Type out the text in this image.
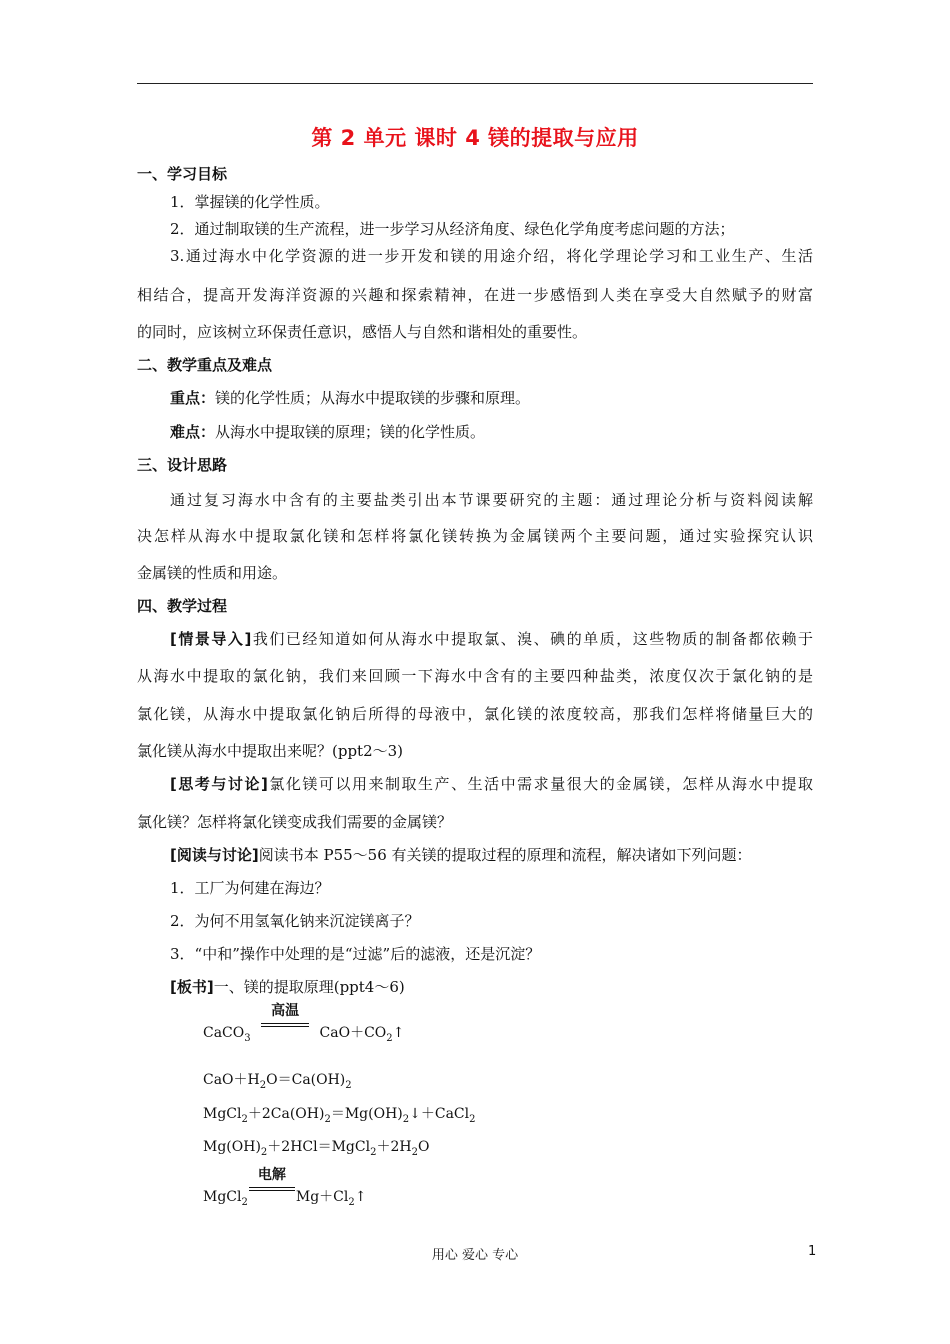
第 2 单元 课时 4 镁的提取与应用
一、学习目标
1．掌握镁的化学性质。
2．通过制取镁的生产流程，进一步学习从经济角度、绿色化学角度考虑问题的方法；
3.通过海水中化学资源的进一步开发和镁的用途介绍，将化学理论学习和工业生产、生活
相结合，提高开发海洋资源的兴趣和探索精神，在进一步感悟到人类在享受大自然赋予的财富
的同时，应该树立环保责任意识，感悟人与自然和谐相处的重要性。
二、教学重点及难点
重点：镁的化学性质；从海水中提取镁的步骤和原理。
难点：从海水中提取镁的原理；镁的化学性质。
三、设计思路
通过复习海水中含有的主要盐类引出本节课要研究的主题：通过理论分析与资料阅读解
决怎样从海水中提取氯化镁和怎样将氯化镁转换为金属镁两个主要问题，通过实验探究认识
金属镁的性质和用途。
四、教学过程
[情景导入]我们已经知道如何从海水中提取氯、溴、碘的单质，这些物质的制备都依赖于
从海水中提取的氯化钠，我们来回顾一下海水中含有的主要四种盐类，浓度仅次于氯化钠的是
氯化镁，从海水中提取氯化钠后所得的母液中，氯化镁的浓度较高，那我们怎样将储量巨大的
氯化镁从海水中提取出来呢？(ppt2～3)
[思考与讨论]氯化镁可以用来制取生产、生活中需求量很大的金属镁，怎样从海水中提取
氯化镁？怎样将氯化镁变成我们需要的金属镁？
[阅读与讨论]阅读书本 P55～56 有关镁的提取过程的原理和流程，解决诸如下列问题：
1．工厂为何建在海边？
2．为何不用氢氧化钠来沉淀镁离子？
3．“中和”操作中处理的是“过滤”后的滤液，还是沉淀？
[板书]一、镁的提取原理(ppt4～6)
CaCO$_3$
高温
$CaO+CO_2↑$
$CaO+H_2O=Ca(OH)_2$
$MgCl_2+2Ca(OH)_2=Mg(OH)_2↓+CaCl_2$
$Mg(OH)_2+2HCl=MgCl_2+2H_2O$
MgCl$_2$
电解
$Mg+Cl_2↑$
用心 爱心 专心	1
